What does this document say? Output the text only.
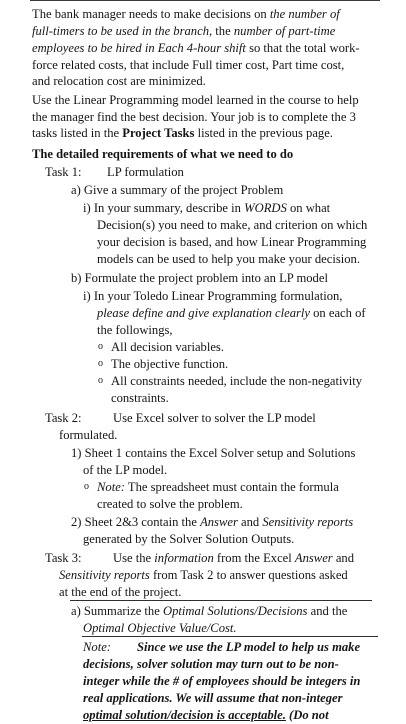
The bank manager needs to make decisions on the number of
full-timers to be used in the branch, the number of part-time
employees to be hired in Each 4-hour shift so that the total work-
force related costs, that include Full timer cost, Part time cost,
and relocation cost are minimized.
Use the Linear Programming model learned in the course to help
the manager find the best decision. Your job is to complete the 3
tasks listed in the Project Tasks listed in the previous page.
The detailed requirements of what we need to do
Task 1: LP formulation
a) Give a summary of the project Problem
i) In your summary, describe in WORDS on what
Decision(s) you need to make, and criterion on which
your decision is based, and how Linear Programming
models can be used to help you make your decision.
b) Formulate the project problem into an LP model
i) In your Toledo Linear Programming formulation,
please define and give explanation clearly on each of
the followings,
o All decision variables.
o The objective function.
o All constraints needed, include the non-negativity
constraints.
Task 2: Use Excel solver to solver the LP model
formulated.
1) Sheet 1 contains the Excel Solver setup and Solutions
of the LP model.
o Note: The spreadsheet must contain the formula
created to solve the problem.
2) Sheet 2&3 contain the Answer and Sensitivity reports
generated by the Solver Solution Outputs.
Task 3: Use the information from the Excel Answer and
Sensitivity reports from Task 2 to answer questions asked
at the end of the project.
a) Summarize the Optimal Solutions/Decisions and the
Optimal Objective Value/Cost.
Note: Since we use the LP model to help us make
decisions, solver solution may turn out to be non-
integer while the # of employees should be integers in
real applications. We will assume that non-integer
optimal solution/decision is acceptable. (Do not
